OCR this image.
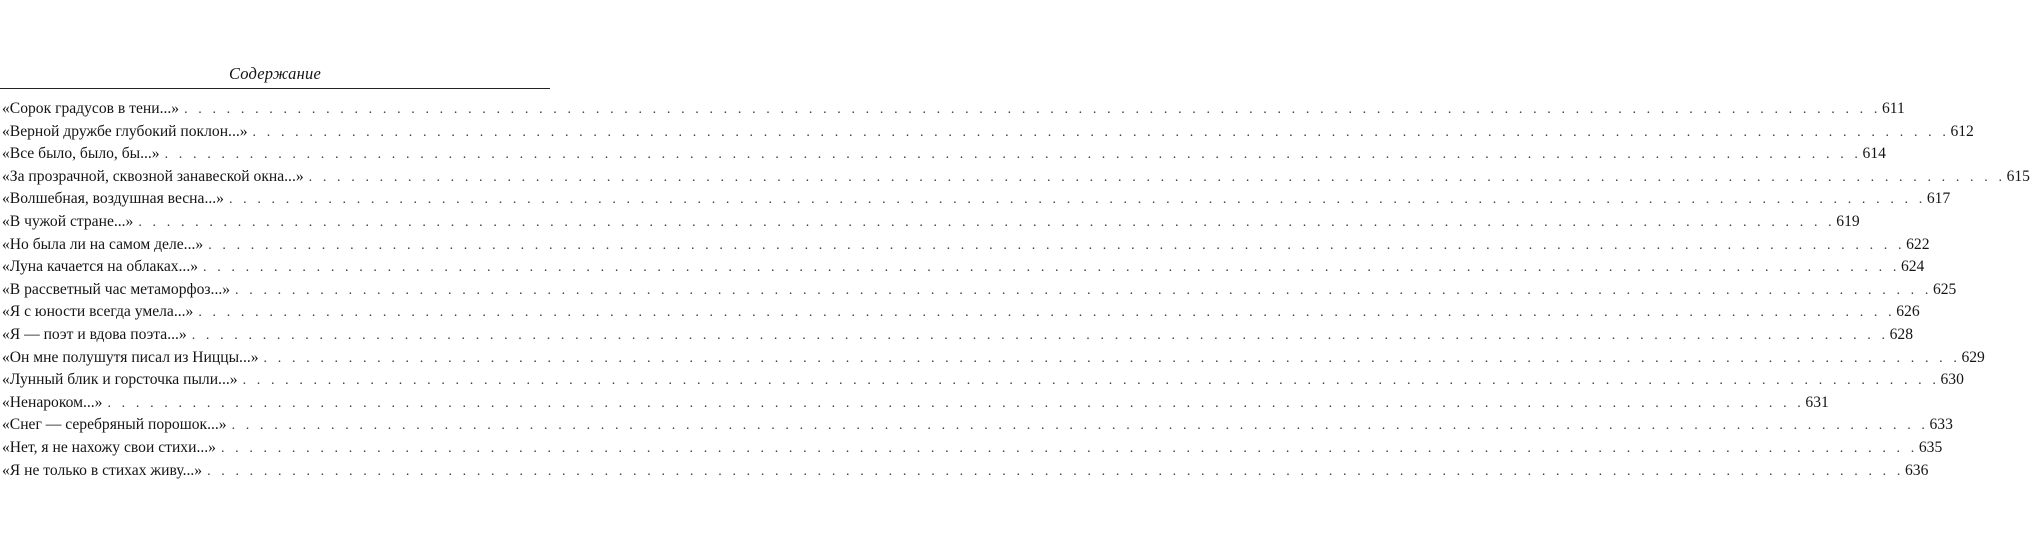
Содержание
«Сорок градусов в тени...» . . . . . . . . . . . . . . . . . . . . . . . . . . . . . . . . . . . . . . . . . . . . . . . . . . . . . . . . . . . . . . . . . . . . . . . . . . . . . . . . . . . . . . . . . . . . . . . . . . . . . . . . . . . . . . . . . . . . . . . . 611
«Верной дружбе глубокий поклон...» . . . . . . . . . . . . . . . . . . . . . . . . . . . . . . . . . . . . . . . . . . . . . . . . . . . . . . . . . . . . . . . . . . . . . . . . . . . . . . . . . . . . . . . . . . . . . . . . . . . . . . . . . . . . . . . . . . . . . . . . 612
«Все было, было, бы...» . . . . . . . . . . . . . . . . . . . . . . . . . . . . . . . . . . . . . . . . . . . . . . . . . . . . . . . . . . . . . . . . . . . . . . . . . . . . . . . . . . . . . . . . . . . . . . . . . . . . . . . . . . . . . . . . . . . . . . . . 614
«За прозрачной, сквозной занавеской окна...» . . . . . . . . . . . . . . . . . . . . . . . . . . . . . . . . . . . . . . . . . . . . . . . . . . . . . . . . . . . . . . . . . . . . . . . . . . . . . . . . . . . . . . . . . . . . . . . . . . . . . . . . . . . . . . . . . . . . . . . . 615
«Волшебная, воздушная весна...» . . . . . . . . . . . . . . . . . . . . . . . . . . . . . . . . . . . . . . . . . . . . . . . . . . . . . . . . . . . . . . . . . . . . . . . . . . . . . . . . . . . . . . . . . . . . . . . . . . . . . . . . . . . . . . . . . . . . . . . . 617
«В чужой стране...» . . . . . . . . . . . . . . . . . . . . . . . . . . . . . . . . . . . . . . . . . . . . . . . . . . . . . . . . . . . . . . . . . . . . . . . . . . . . . . . . . . . . . . . . . . . . . . . . . . . . . . . . . . . . . . . . . . . . . . . . 619
«Но была ли на самом деле...» . . . . . . . . . . . . . . . . . . . . . . . . . . . . . . . . . . . . . . . . . . . . . . . . . . . . . . . . . . . . . . . . . . . . . . . . . . . . . . . . . . . . . . . . . . . . . . . . . . . . . . . . . . . . . . . . . . . . . . . . 622
«Луна качается на облаках...» . . . . . . . . . . . . . . . . . . . . . . . . . . . . . . . . . . . . . . . . . . . . . . . . . . . . . . . . . . . . . . . . . . . . . . . . . . . . . . . . . . . . . . . . . . . . . . . . . . . . . . . . . . . . . . . . . . . . . . . . 624
«В рассветный час метаморфоз...» . . . . . . . . . . . . . . . . . . . . . . . . . . . . . . . . . . . . . . . . . . . . . . . . . . . . . . . . . . . . . . . . . . . . . . . . . . . . . . . . . . . . . . . . . . . . . . . . . . . . . . . . . . . . . . . . . . . . . . . . 625
«Я с юности всегда умела...» . . . . . . . . . . . . . . . . . . . . . . . . . . . . . . . . . . . . . . . . . . . . . . . . . . . . . . . . . . . . . . . . . . . . . . . . . . . . . . . . . . . . . . . . . . . . . . . . . . . . . . . . . . . . . . . . . . . . . . . . 626
«Я — поэт и вдова поэта...» . . . . . . . . . . . . . . . . . . . . . . . . . . . . . . . . . . . . . . . . . . . . . . . . . . . . . . . . . . . . . . . . . . . . . . . . . . . . . . . . . . . . . . . . . . . . . . . . . . . . . . . . . . . . . . . . . . . . . . . . 628
«Он мне полушутя писал из Ниццы...» . . . . . . . . . . . . . . . . . . . . . . . . . . . . . . . . . . . . . . . . . . . . . . . . . . . . . . . . . . . . . . . . . . . . . . . . . . . . . . . . . . . . . . . . . . . . . . . . . . . . . . . . . . . . . . . . . . . . . . . . 629
«Лунный блик и горсточка пыли...» . . . . . . . . . . . . . . . . . . . . . . . . . . . . . . . . . . . . . . . . . . . . . . . . . . . . . . . . . . . . . . . . . . . . . . . . . . . . . . . . . . . . . . . . . . . . . . . . . . . . . . . . . . . . . . . . . . . . . . . . 630
«Ненароком...» . . . . . . . . . . . . . . . . . . . . . . . . . . . . . . . . . . . . . . . . . . . . . . . . . . . . . . . . . . . . . . . . . . . . . . . . . . . . . . . . . . . . . . . . . . . . . . . . . . . . . . . . . . . . . . . . . . . . . . . . 631
«Снег — серебряный порошок...» . . . . . . . . . . . . . . . . . . . . . . . . . . . . . . . . . . . . . . . . . . . . . . . . . . . . . . . . . . . . . . . . . . . . . . . . . . . . . . . . . . . . . . . . . . . . . . . . . . . . . . . . . . . . . . . . . . . . . . . . 633
«Нет, я не нахожу свои стихи...» . . . . . . . . . . . . . . . . . . . . . . . . . . . . . . . . . . . . . . . . . . . . . . . . . . . . . . . . . . . . . . . . . . . . . . . . . . . . . . . . . . . . . . . . . . . . . . . . . . . . . . . . . . . . . . . . . . . . . . . . 635
«Я не только в стихах живу...» . . . . . . . . . . . . . . . . . . . . . . . . . . . . . . . . . . . . . . . . . . . . . . . . . . . . . . . . . . . . . . . . . . . . . . . . . . . . . . . . . . . . . . . . . . . . . . . . . . . . . . . . . . . . . . . . . . . . . . . . 636
